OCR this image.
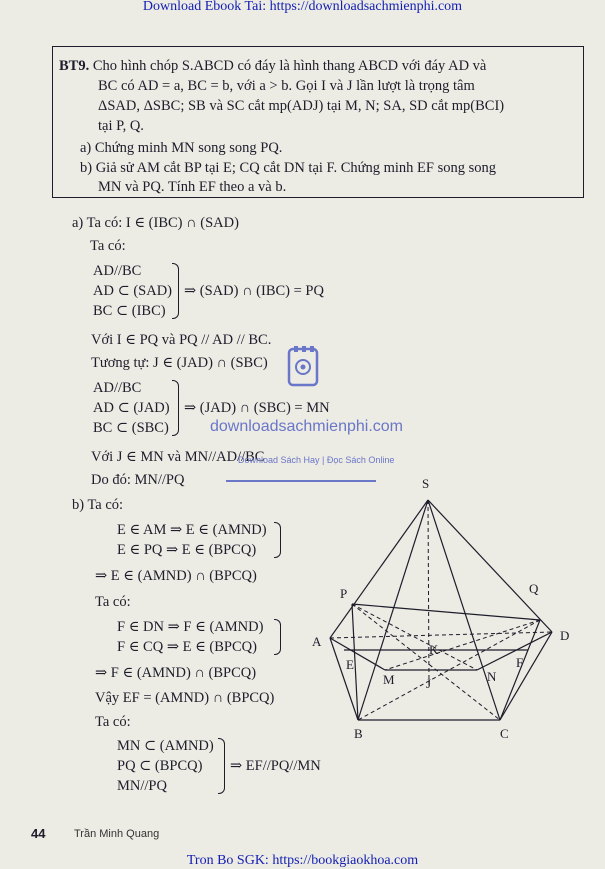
Download Ebook Tai: https://downloadsachmienphi.com
BT9. Cho hình chóp S.ABCD có đáy là hình thang ABCD với đáy AD và
BC có AD = a, BC = b, với a > b. Gọi I và J lần lượt là trọng tâm
ΔSAD, ΔSBC; SB và SC cắt mp(ADJ) tại M, N; SA, SD cắt mp(BCI)
tại P, Q.
a) Chứng minh MN song song PQ.
b) Giả sử AM cắt BP tại E; CQ cắt DN tại F. Chứng minh EF song song
MN và PQ. Tính EF theo a và b.
a) Ta có: I ∈ (IBC) ∩ (SAD)
Ta có:
AD//BC
AD ⊂ (SAD)
BC ⊂ (IBC)
⇒ (SAD) ∩ (IBC) = PQ
Với I ∈ PQ và PQ // AD // BC.
Tương tự: J ∈ (JAD) ∩ (SBC)
AD//BC
AD ⊂ (JAD)
BC ⊂ (SBC)
⇒ (JAD) ∩ (SBC) = MN
Với J ∈ MN và MN//AD//BC
Do đó: MN//PQ
b) Ta có:
E ∈ AM ⇒ E ∈ (AMND)
E ∈ PQ ⇒ E ∈ (BPCQ)
⇒ E ∈ (AMND) ∩ (BPCQ)
Ta có:
F ∈ DN ⇒ F ∈ (AMND)
F ∈ CQ ⇒ E ∈ (BPCQ)
⇒ F ∈ (AMND) ∩ (BPCQ)
Vậy EF = (AMND) ∩ (BPCQ)
Ta có:
MN ⊂ (AMND)
PQ ⊂ (BPCQ)
MN//PQ
⇒ EF//PQ//MN
downloadsachmienphi.com
Download Sách Hay | Đọc Sách Online
S
P	Q
A	D
K
E	F
M	N
J
B	C
44	Trần Minh Quang
Tron Bo SGK: https://bookgiaokhoa.com
